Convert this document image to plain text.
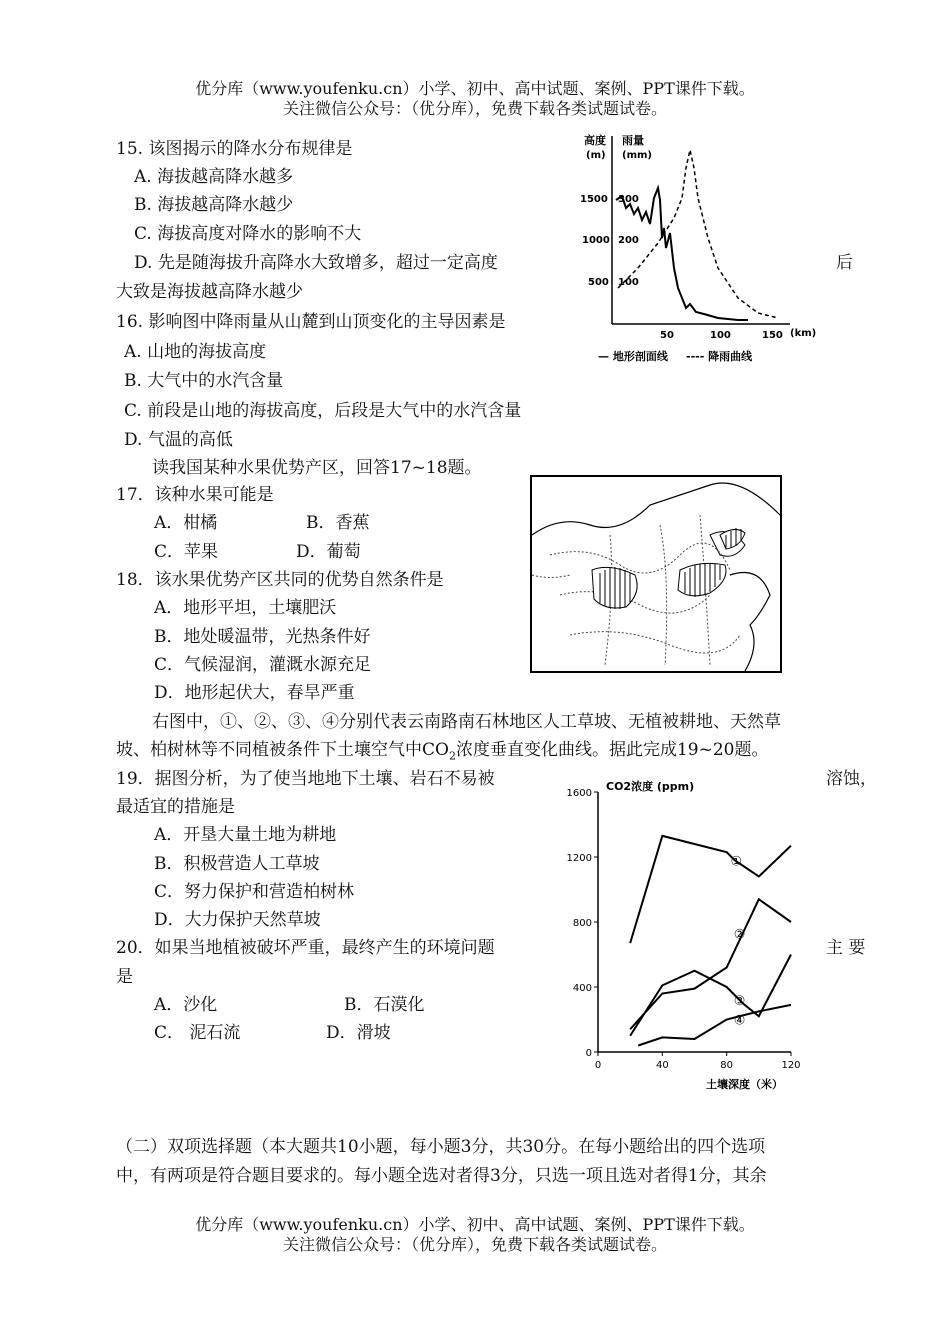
优分库（www.youfenku.cn）小学、初中、高中试题、案例、PPT课件下载。
关注微信公众号：（优分库），免费下载各类试题试卷。
15. 该图揭示的降水分布规律是
A. 海拔越高降水越多
B. 海拔越高降水越少
C. 海拔高度对降水的影响不大
D. 先是随海拔升高降水大致增多，超过一定高度	后
大致是海拔越高降水越少
16. 影响图中降雨量从山麓到山顶变化的主导因素是
A. 山地的海拔高度
B. 大气中的水汽含量
C. 前段是山地的海拔高度，后段是大气中的水汽含量
D. 气温的高低
读我国某种水果优势产区，回答17~18题。
17．该种水果可能是
A．柑橘	B．香蕉
C．苹果	D．葡萄
18．该水果优势产区共同的优势自然条件是
A．地形平坦，土壤肥沃
B．地处暖温带，光热条件好
C．气候湿润，灌溉水源充足
D．地形起伏大，春旱严重
右图中，①、②、③、④分别代表云南路南石林地区人工草坡、无植被耕地、天然草
坡、柏树林等不同植被条件下土壤空气中$CO_2$浓度垂直变化曲线。据此完成19~20题。
19．据图分析，为了使当地地下土壤、岩石不易被	溶蚀，
最适宜的措施是
A．开垦大量土地为耕地
B．积极营造人工草坡
C．努力保护和营造柏树林
D．大力保护天然草坡
20．如果当地植被破坏严重，最终产生的环境问题	主 要
是
A．沙化	B．石漠化
C． 泥石流	D．滑坡
（二）双项选择题（本大题共10小题，每小题3分，共30分。在每小题给出的四个选项
中，有两项是符合题目要求的。每小题全选对者得3分，只选一项且选对者得1分，其余
优分库（www.youfenku.cn）小学、初中、高中试题、案例、PPT课件下载。
关注微信公众号：（优分库），免费下载各类试题试卷。
高度
(m)
雨量
(mm)
1500
1000
500
300
200
100
50	100	150 (km)
— 地形剖面线 ---- 降雨曲线
0
400
800
1200
1600
0	40	80	120
①
②
③
④
CO2浓度 (ppm)
土壤深度（米）
